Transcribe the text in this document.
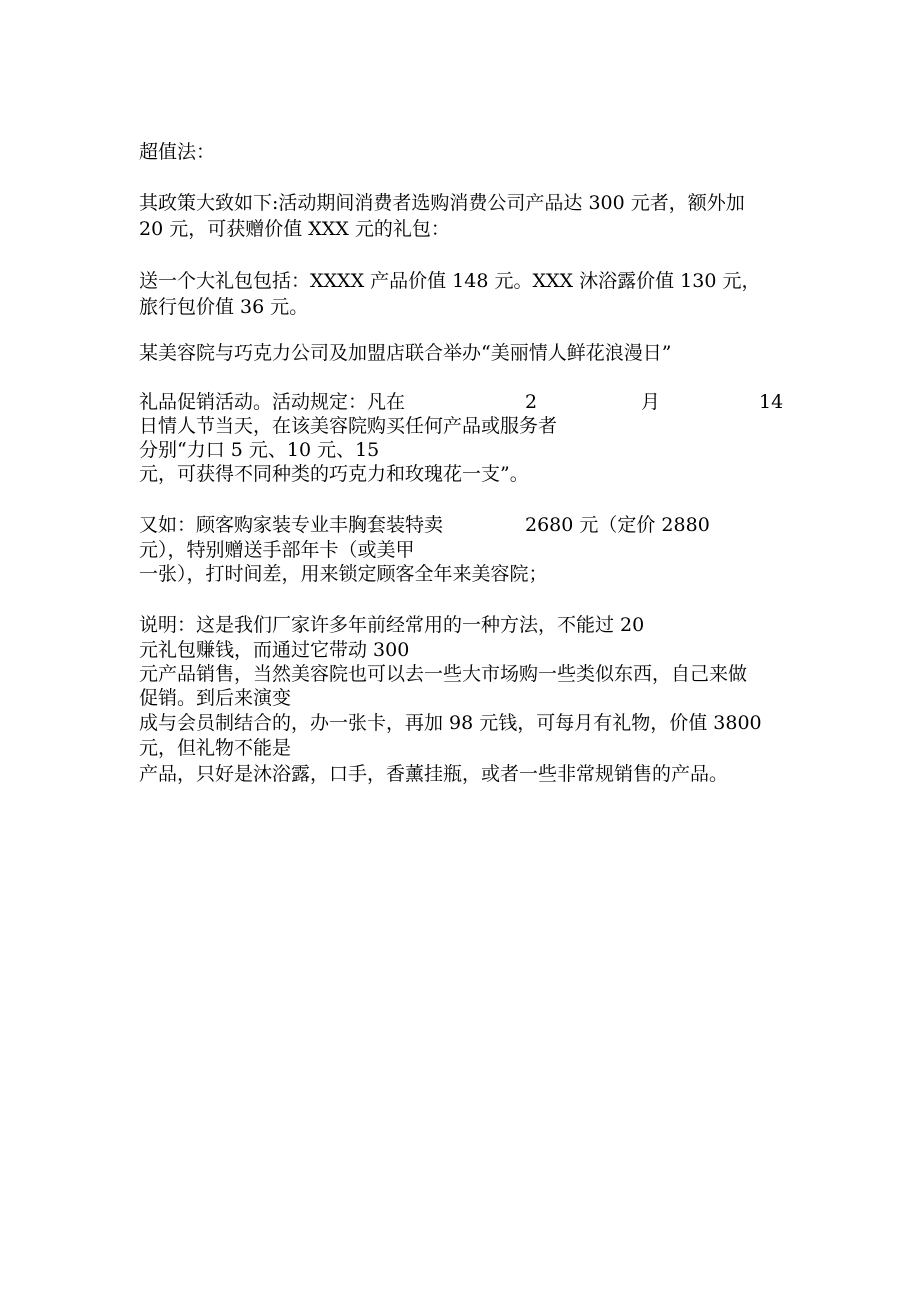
超值法：

其政策大致如下:活动期间消费者选购消费公司产品达 300 元者，额外加

20 元，可获赠价值 XXX 元的礼包：

送一个大礼包包括：XXXX 产品价值 148 元。XXX 沐浴露价值 130 元，

旅行包价值 36 元。

某美容院与巧克力公司及加盟店联合举办“美丽情人鲜花浪漫日”

礼品促销活动。活动规定：凡在	2	月	14

日情人节当天，在该美容院购买任何产品或服务者

分别“力口 5 元、10 元、15

元，可获得不同种类的巧克力和玫瑰花一支”。

又如：顾客购家装专业丰胸套装特卖	2680 元（定价 2880

元），特别赠送手部年卡（或美甲

一张），打时间差，用来锁定顾客全年来美容院；

说明：这是我们厂家许多年前经常用的一种方法，不能过 20

元礼包赚钱，而通过它带动 300

元产品销售，当然美容院也可以去一些大市场购一些类似东西，自己来做

促销。到后来演变

成与会员制结合的，办一张卡，再加 98 元钱，可每月有礼物，价值 3800

元，但礼物不能是

产品，只好是沐浴露，口手，香薰挂瓶，或者一些非常规销售的产品。
